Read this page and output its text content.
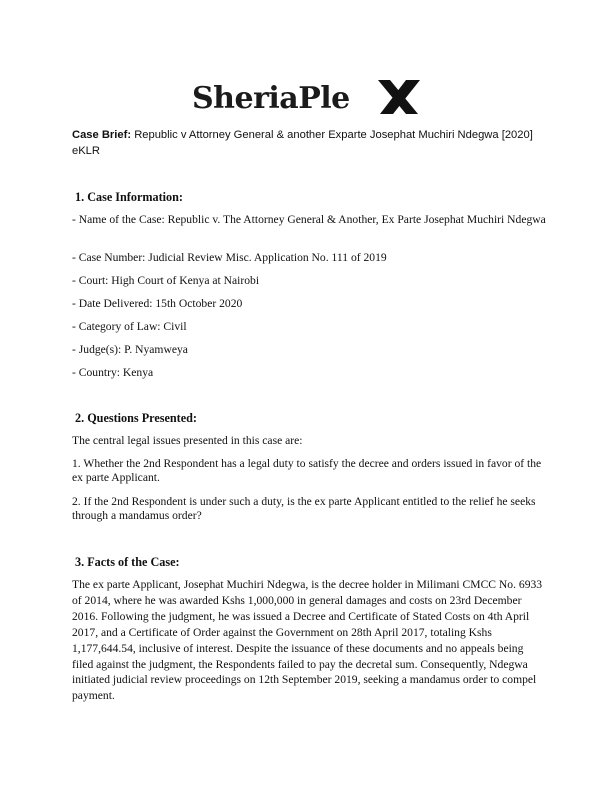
SheriaPle
Case Brief: Republic v Attorney General & another Exparte Josephat Muchiri Ndegwa [2020] eKLR
1. Case Information:
- Name of the Case: Republic v. The Attorney General & Another, Ex Parte Josephat Muchiri Ndegwa
- Case Number: Judicial Review Misc. Application No. 111 of 2019
- Court: High Court of Kenya at Nairobi
- Date Delivered: 15th October 2020
- Category of Law: Civil
- Judge(s): P. Nyamweya
- Country: Kenya
2. Questions Presented:
The central legal issues presented in this case are:
1. Whether the 2nd Respondent has a legal duty to satisfy the decree and orders issued in favor of the ex parte Applicant.
2. If the 2nd Respondent is under such a duty, is the ex parte Applicant entitled to the relief he seeks through a mandamus order?
3. Facts of the Case:
The ex parte Applicant, Josephat Muchiri Ndegwa, is the decree holder in Milimani CMCC No. 6933 of 2014, where he was awarded Kshs 1,000,000 in general damages and costs on 23rd December 2016. Following the judgment, he was issued a Decree and Certificate of Stated Costs on 4th April 2017, and a Certificate of Order against the Government on 28th April 2017, totaling Kshs 1,177,644.54, inclusive of interest. Despite the issuance of these documents and no appeals being filed against the judgment, the Respondents failed to pay the decretal sum. Consequently, Ndegwa initiated judicial review proceedings on 12th September 2019, seeking a mandamus order to compel payment.
